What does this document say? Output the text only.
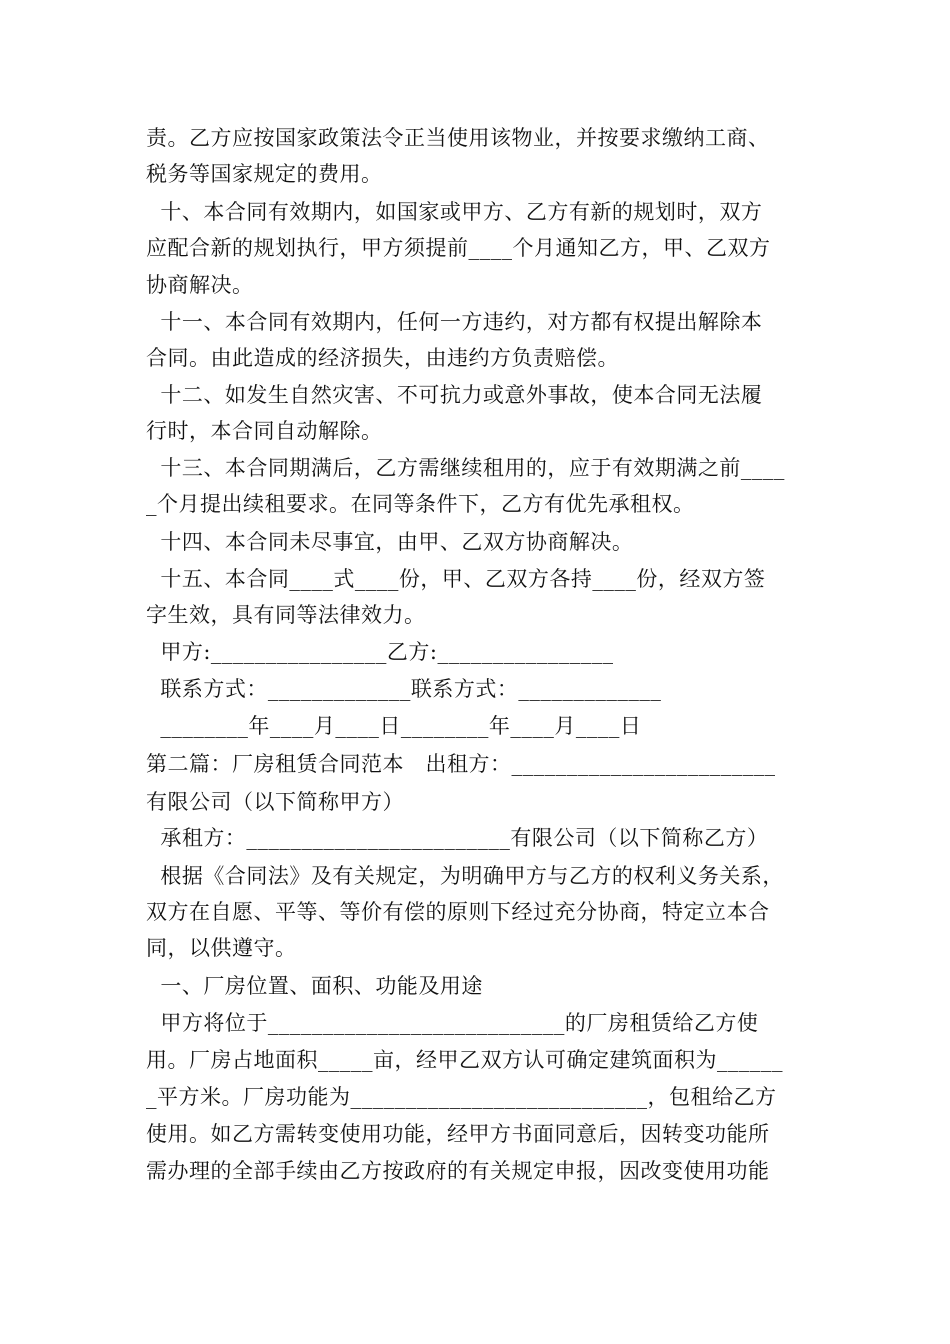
责。乙方应按国家政策法令正当使用该物业，并按要求缴纳工商、
税务等国家规定的费用。
十、本合同有效期内，如国家或甲方、乙方有新的规划时，双方
应配合新的规划执行，甲方须提前____个月通知乙方，甲、乙双方
协商解决。
十一、本合同有效期内，任何一方违约，对方都有权提出解除本
合同。由此造成的经济损失，由违约方负责赔偿。
十二、如发生自然灾害、不可抗力或意外事故，使本合同无法履
行时，本合同自动解除。
十三、本合同期满后，乙方需继续租用的，应于有效期满之前____
_个月提出续租要求。在同等条件下，乙方有优先承租权。
十四、本合同未尽事宜，由甲、乙双方协商解决。
十五、本合同____式____份，甲、乙双方各持____份，经双方签
字生效，具有同等法律效力。
甲方:________________乙方:________________
联系方式：_____________联系方式：_____________
________年____月____日________年____月____日
第二篇：厂房租赁合同范本   出租方：________________________
有限公司（以下简称甲方）
承租方：________________________有限公司（以下简称乙方）
根据《合同法》及有关规定，为明确甲方与乙方的权利义务关系，
双方在自愿、平等、等价有偿的原则下经过充分协商，特定立本合
同，以供遵守。
一、厂房位置、面积、功能及用途
甲方将位于___________________________的厂房租赁给乙方使
用。厂房占地面积_____亩，经甲乙双方认可确定建筑面积为______
_平方米。厂房功能为___________________________，包租给乙方
使用。如乙方需转变使用功能，经甲方书面同意后，因转变功能所
需办理的全部手续由乙方按政府的有关规定申报，因改变使用功能
